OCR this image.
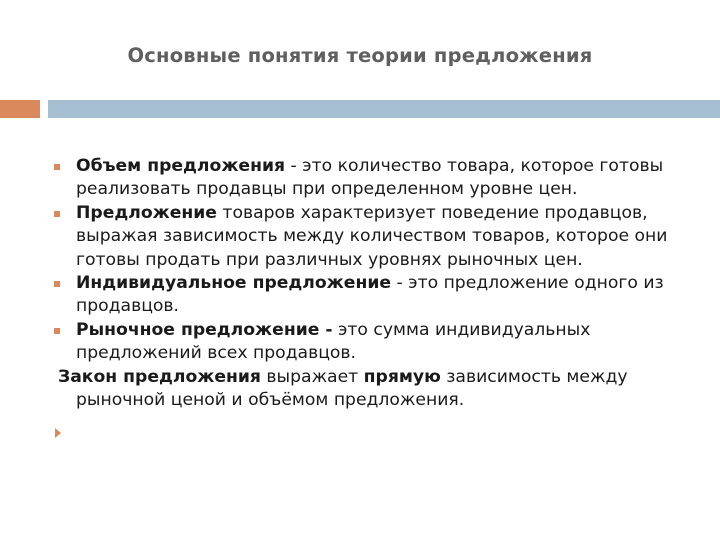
Основные понятия теории предложения
Объем предложения - это количество товара, которое готовы реализовать продавцы при определенном уровне цен.
Предложение товаров характеризует поведение продавцов, выражая зависимость между количеством товаров, которое они готовы продать при различных уровнях рыночных цен.
Индивидуальное предложение - это предложение одного из продавцов.
Рыночное предложение - это сумма индивидуальных предложений всех продавцов.
Закон предложения выражает прямую зависимость между рыночной ценой и объёмом предложения.
